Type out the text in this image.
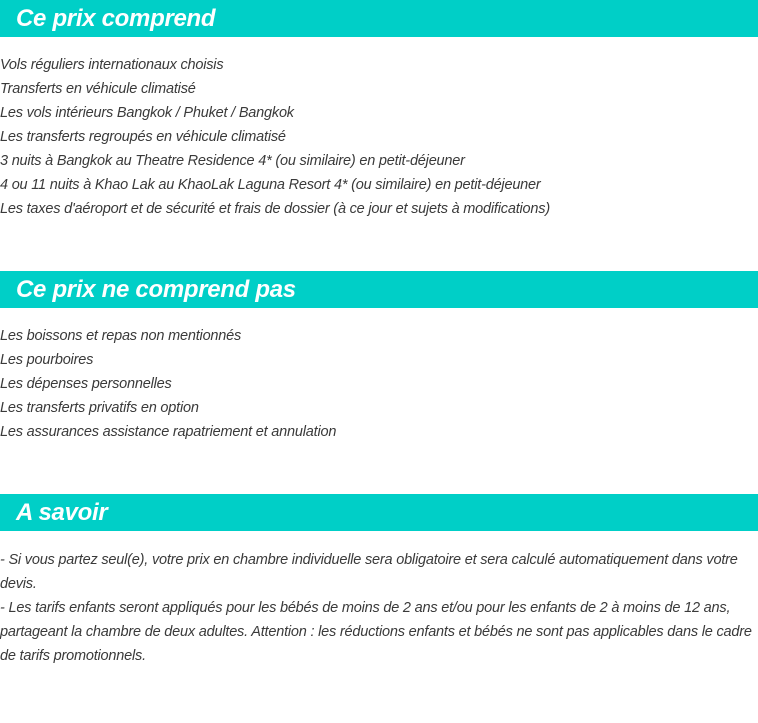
Ce prix comprend
Vols réguliers internationaux choisis
Transferts en véhicule climatisé
Les vols intérieurs Bangkok / Phuket / Bangkok
Les transferts regroupés en véhicule climatisé
3 nuits à Bangkok au Theatre Residence 4* (ou similaire) en petit-déjeuner
4 ou 11 nuits à Khao Lak au KhaoLak Laguna Resort 4* (ou similaire) en petit-déjeuner
Les taxes d'aéroport et de sécurité et frais de dossier (à ce jour et sujets à modifications)
Ce prix ne comprend pas
Les boissons et repas non mentionnés
Les pourboires
Les dépenses personnelles
Les transferts privatifs en option
Les assurances assistance rapatriement et annulation
A savoir

- Si vous partez seul(e), votre prix en chambre individuelle sera obligatoire et sera calculé automatiquement dans votre devis.

- Les tarifs enfants seront appliqués pour les bébés de moins de 2 ans et/ou pour les enfants de 2 à moins de 12 ans, partageant la chambre de deux adultes. Attention : les réductions enfants et bébés ne sont pas applicables dans le cadre de tarifs promotionnels.
